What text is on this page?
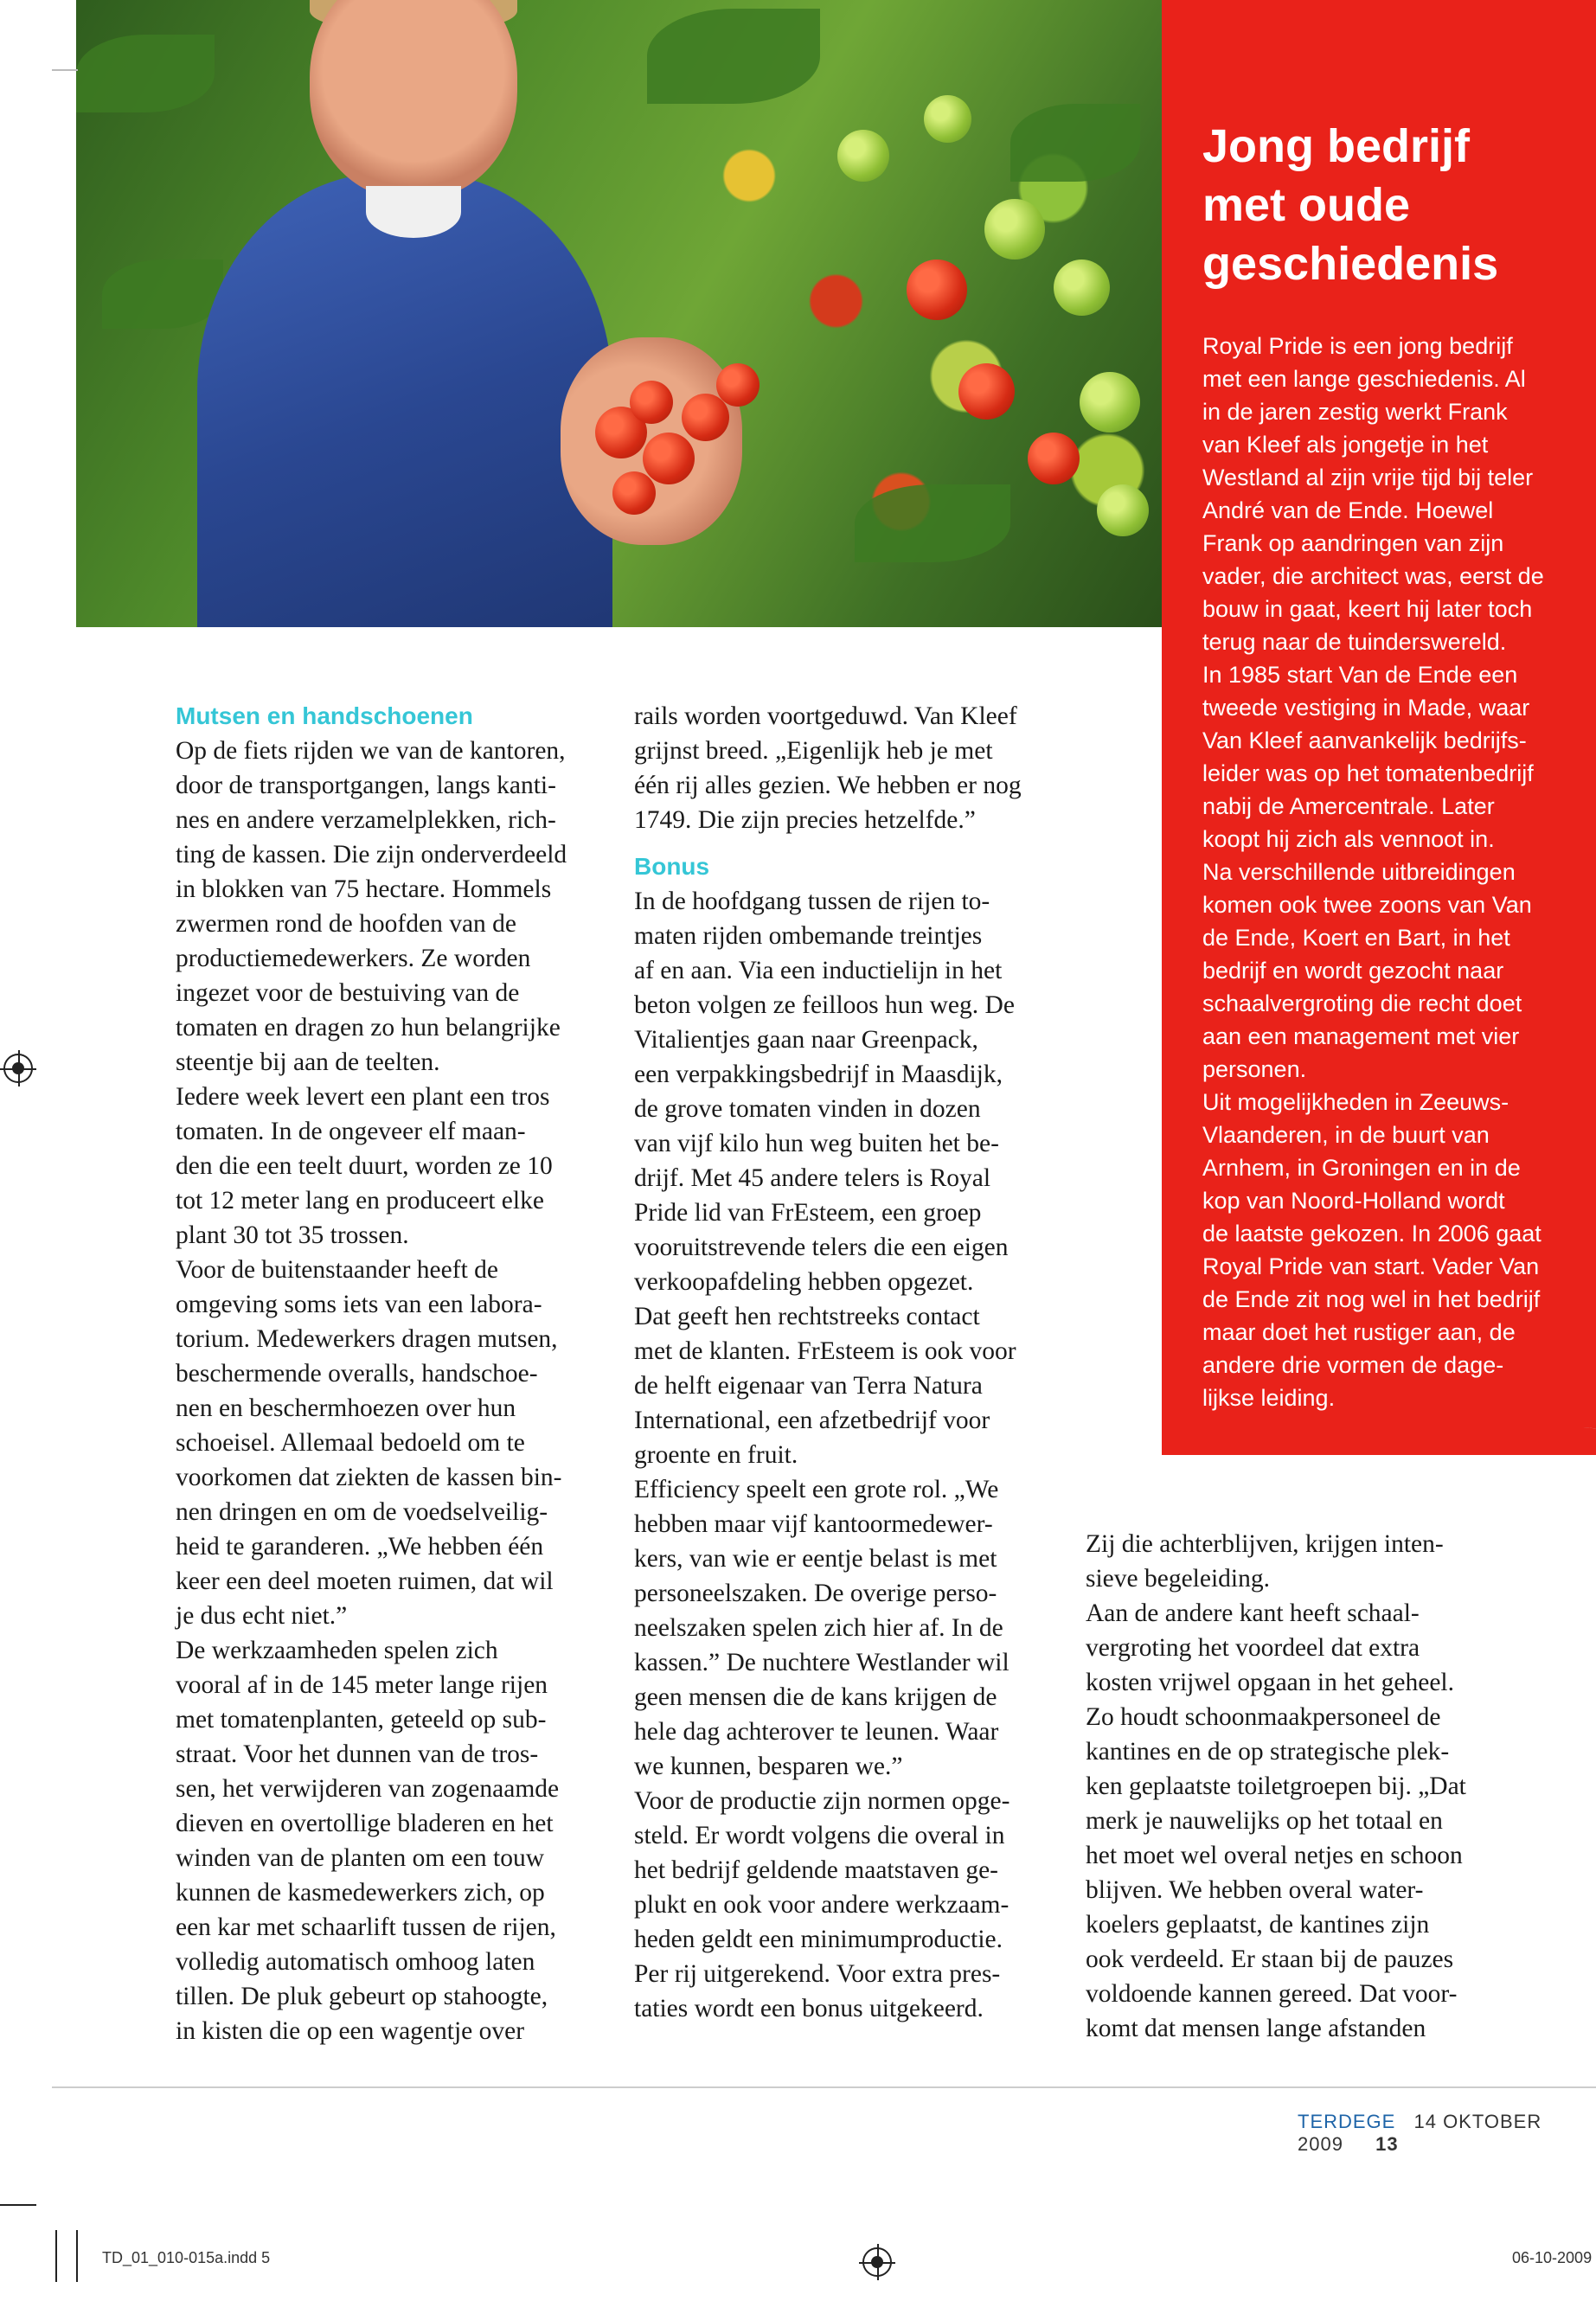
Jong bedrijf
met oude
geschiedenis

Royal Pride is een jong bedrijf
met een lange geschiedenis. Al
in de jaren zestig werkt Frank
van Kleef als jongetje in het
Westland al zijn vrije tijd bij teler
André van de Ende. Hoewel
Frank op aandringen van zijn
vader, die architect was, eerst de
bouw in gaat, keert hij later toch
terug naar de tuinderswereld.
In 1985 start Van de Ende een
tweede vestiging in Made, waar
Van Kleef aanvankelijk bedrijfs-
leider was op het tomatenbedrijf
nabij de Amercentrale. Later
koopt hij zich als vennoot in.
Na verschillende uitbreidingen
komen ook twee zoons van Van
de Ende, Koert en Bart, in het
bedrijf en wordt gezocht naar
schaalvergroting die recht doet
aan een management met vier
personen.
Uit mogelijkheden in Zeeuws-
Vlaanderen, in de buurt van
Arnhem, in Groningen en in de
kop van Noord-Holland wordt
de laatste gekozen. In 2006 gaat
Royal Pride van start. Vader Van
de Ende zit nog wel in het bedrijf
maar doet het rustiger aan, de
andere drie vormen de dage-
lijkse leiding.

Mutsen en handschoenen

Op de fiets rijden we van de kantoren,
door de transportgangen, langs kanti-
nes en andere verzamelplekken, rich-
ting de kassen. Die zijn onderverdeeld
in blokken van 75 hectare. Hommels
zwermen rond de hoofden van de
productiemedewerkers. Ze worden
ingezet voor de bestuiving van de
tomaten en dragen zo hun belangrijke
steentje bij aan de teelten.
Iedere week levert een plant een tros
tomaten. In de ongeveer elf maan-
den die een teelt duurt, worden ze 10
tot 12 meter lang en produceert elke
plant 30 tot 35 trossen.
Voor de buitenstaander heeft de
omgeving soms iets van een labora-
torium. Medewerkers dragen mutsen,
beschermende overalls, handschoe-
nen en beschermhoezen over hun
schoeisel. Allemaal bedoeld om te
voorkomen dat ziekten de kassen bin-
nen dringen en om de voedselveilig-
heid te garanderen. „We hebben één
keer een deel moeten ruimen, dat wil
je dus echt niet.”
De werkzaamheden spelen zich
vooral af in de 145 meter lange rijen
met tomatenplanten, geteeld op sub-
straat. Voor het dunnen van de tros-
sen, het verwijderen van zogenaamde
dieven en overtollige bladeren en het
winden van de planten om een touw
kunnen de kasmedewerkers zich, op
een kar met schaarlift tussen de rijen,
volledig automatisch omhoog laten
tillen. De pluk gebeurt op stahoogte,
in kisten die op een wagentje over

rails worden voortgeduwd. Van Kleef
grijnst breed. „Eigenlijk heb je met
één rij alles gezien. We hebben er nog
1749. Die zijn precies hetzelfde.”

Bonus

In de hoofdgang tussen de rijen to-
maten rijden ombemande treintjes
af en aan. Via een inductielijn in het
beton volgen ze feilloos hun weg. De
Vitalientjes gaan naar Greenpack,
een verpakkingsbedrijf in Maasdijk,
de grove tomaten vinden in dozen
van vijf kilo hun weg buiten het be-
drijf. Met 45 andere telers is Royal
Pride lid van FrEsteem, een groep
vooruitstrevende telers die een eigen
verkoopafdeling hebben opgezet.
Dat geeft hen rechtstreeks contact
met de klanten. FrEsteem is ook voor
de helft eigenaar van Terra Natura
International, een afzetbedrijf voor
groente en fruit.
Efficiency speelt een grote rol. „We
hebben maar vijf kantoormedewer-
kers, van wie er eentje belast is met
personeelszaken. De overige perso-
neelszaken spelen zich hier af. In de
kassen.” De nuchtere Westlander wil
geen mensen die de kans krijgen de
hele dag achterover te leunen. Waar
we kunnen, besparen we.”
Voor de productie zijn normen opge-
steld. Er wordt volgens die overal in
het bedrijf geldende maatstaven ge-
plukt en ook voor andere werkzaam-
heden geldt een minimumproductie.
Per rij uitgerekend. Voor extra pres-
taties wordt een bonus uitgekeerd.

Zij die achterblijven, krijgen inten-
sieve begeleiding.
Aan de andere kant heeft schaal-
vergroting het voordeel dat extra
kosten vrijwel opgaan in het geheel.
Zo houdt schoonmaakpersoneel de
kantines en de op strategische plek-
ken geplaatste toiletgroepen bij. „Dat
merk je nauwelijks op het totaal en
het moet wel overal netjes en schoon
blijven. We hebben overal water-
koelers geplaatst, de kantines zijn
ook verdeeld. Er staan bij de pauzes
voldoende kannen gereed. Dat voor-
komt dat mensen lange afstanden

TERDEGE 14 OKTOBER 2009 13
TD_01_010-015a.indd 5	06-10-2009
